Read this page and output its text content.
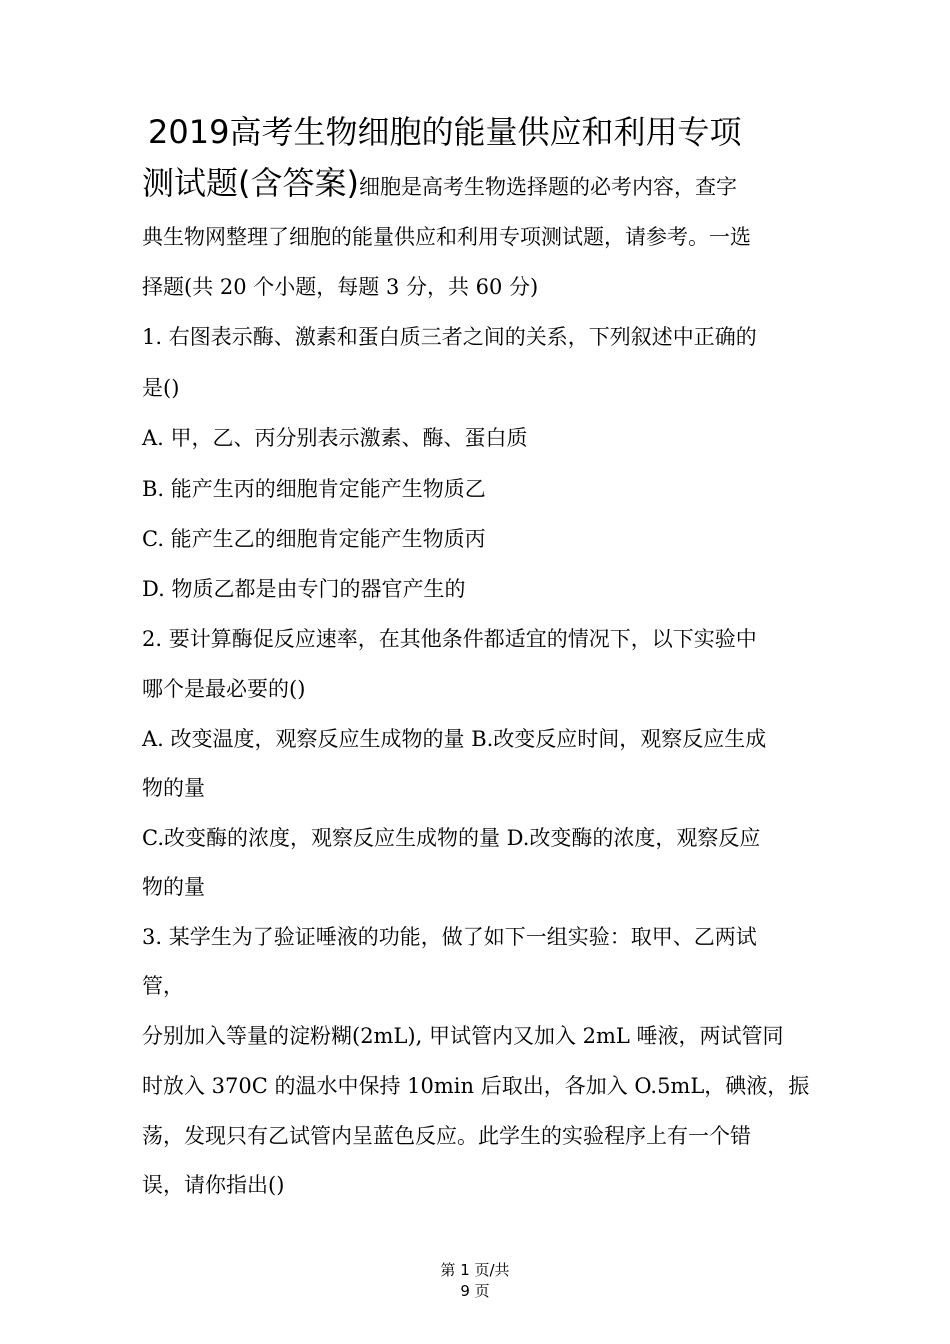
2019高考生物细胞的能量供应和利用专项
测试题(含答案)细胞是高考生物选择题的必考内容，查字
典生物网整理了细胞的能量供应和利用专项测试题，请参考。一选
择题(共 20 个小题，每题 3 分，共 60 分)
1. 右图表示酶、激素和蛋白质三者之间的关系，下列叙述中正确的
是()
A. 甲，乙、丙分别表示激素、酶、蛋白质
B. 能产生丙的细胞肯定能产生物质乙
C. 能产生乙的细胞肯定能产生物质丙
D. 物质乙都是由专门的器官产生的
2. 要计算酶促反应速率，在其他条件都适宜的情况下，以下实验中
哪个是最必要的()
A. 改变温度，观察反应生成物的量 B.改变反应时间，观察反应生成
物的量
C.改变酶的浓度，观察反应生成物的量 D.改变酶的浓度，观察反应
物的量
3. 某学生为了验证唾液的功能，做了如下一组实验：取甲、乙两试
管，
分别加入等量的淀粉糊(2mL), 甲试管内又加入 2mL 唾液，两试管同
时放入 370C 的温水中保持 10min 后取出，各加入 O.5mL，碘液，振
荡，发现只有乙试管内呈蓝色反应。此学生的实验程序上有一个错
误，请你指出()
第 1 页/共
9 页
